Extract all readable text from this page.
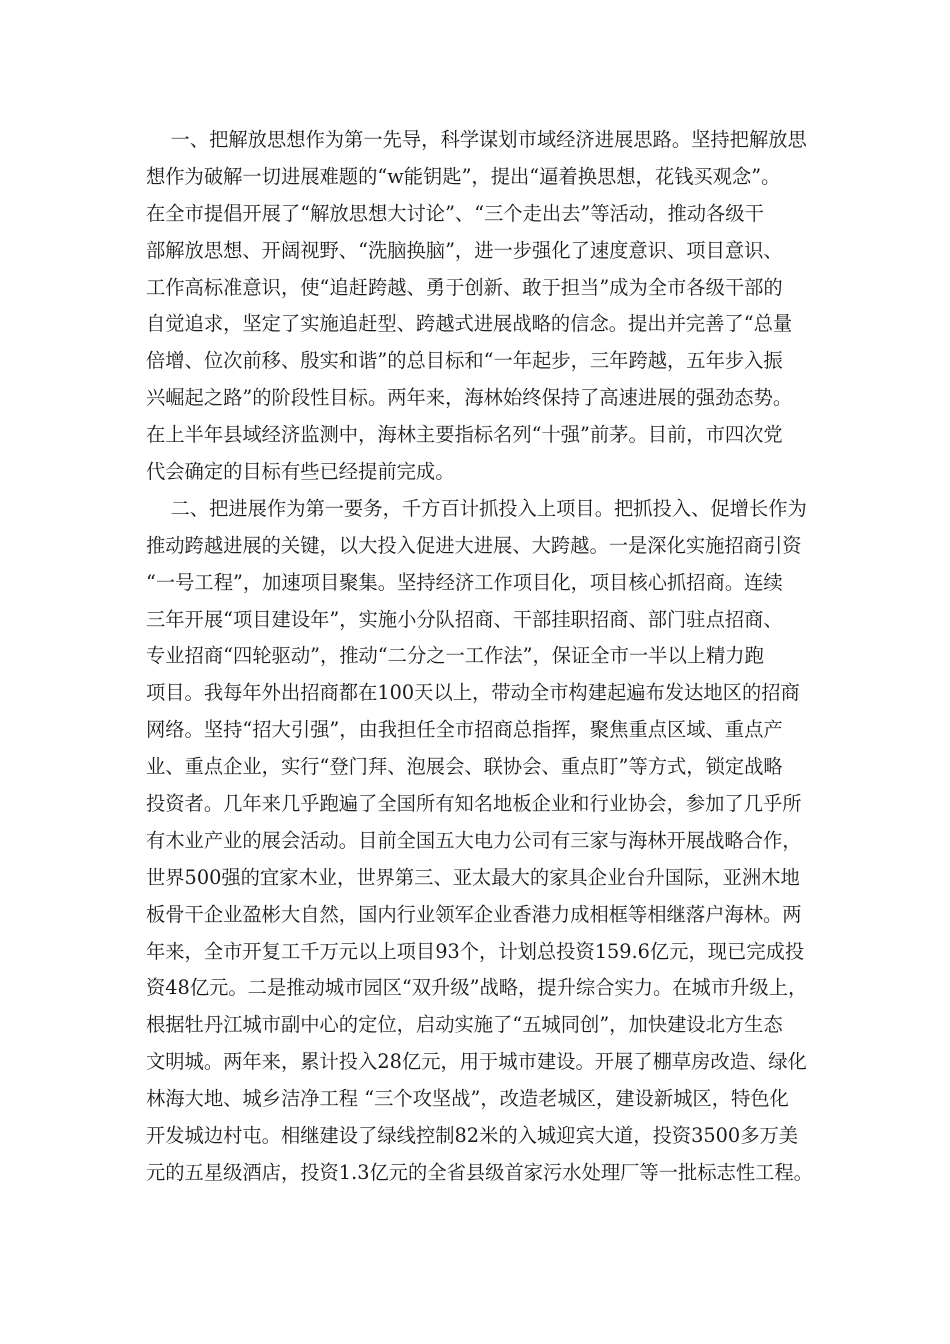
一、把解放思想作为第一先导，科学谋划市域经济进展思路。坚持把解放思
想作为破解一切进展难题的“w能钥匙”，提出“逼着换思想，花钱买观念”。
在全市提倡开展了“解放思想大讨论”、“三个走出去”等活动，推动各级干
部解放思想、开阔视野、“洗脑换脑”，进一步强化了速度意识、项目意识、
工作高标准意识，使“追赶跨越、勇于创新、敢于担当”成为全市各级干部的
自觉追求，坚定了实施追赶型、跨越式进展战略的信念。提出并完善了“总量
倍增、位次前移、殷实和谐”的总目标和“一年起步，三年跨越，五年步入振
兴崛起之路”的阶段性目标。两年来，海林始终保持了高速进展的强劲态势。
在上半年县域经济监测中，海林主要指标名列“十强”前茅。目前，市四次党
代会确定的目标有些已经提前完成。
二、把进展作为第一要务，千方百计抓投入上项目。把抓投入、促增长作为
推动跨越进展的关键，以大投入促进大进展、大跨越。一是深化实施招商引资
“一号工程”，加速项目聚集。坚持经济工作项目化，项目核心抓招商。连续
三年开展“项目建设年”，实施小分队招商、干部挂职招商、部门驻点招商、
专业招商“四轮驱动”，推动“二分之一工作法”，保证全市一半以上精力跑
项目。我每年外出招商都在100天以上，带动全市构建起遍布发达地区的招商
网络。坚持“招大引强”，由我担任全市招商总指挥，聚焦重点区域、重点产
业、重点企业，实行“登门拜、泡展会、联协会、重点盯”等方式，锁定战略
投资者。几年来几乎跑遍了全国所有知名地板企业和行业协会，参加了几乎所
有木业产业的展会活动。目前全国五大电力公司有三家与海林开展战略合作，
世界500强的宜家木业，世界第三、亚太最大的家具企业台升国际，亚洲木地
板骨干企业盈彬大自然，国内行业领军企业香港力成相框等相继落户海林。两
年来，全市开复工千万元以上项目93个，计划总投资159.6亿元，现已完成投
资48亿元。二是推动城市园区“双升级”战略，提升综合实力。在城市升级上，
根据牡丹江城市副中心的定位，启动实施了“五城同创”，加快建设北方生态
文明城。两年来，累计投入28亿元，用于城市建设。开展了棚草房改造、绿化
林海大地、城乡洁净工程 “三个攻坚战”，改造老城区，建设新城区，特色化
开发城边村屯。相继建设了绿线控制82米的入城迎宾大道，投资3500多万美
元的五星级酒店，投资1.3亿元的全省县级首家污水处理厂等一批标志性工程。
